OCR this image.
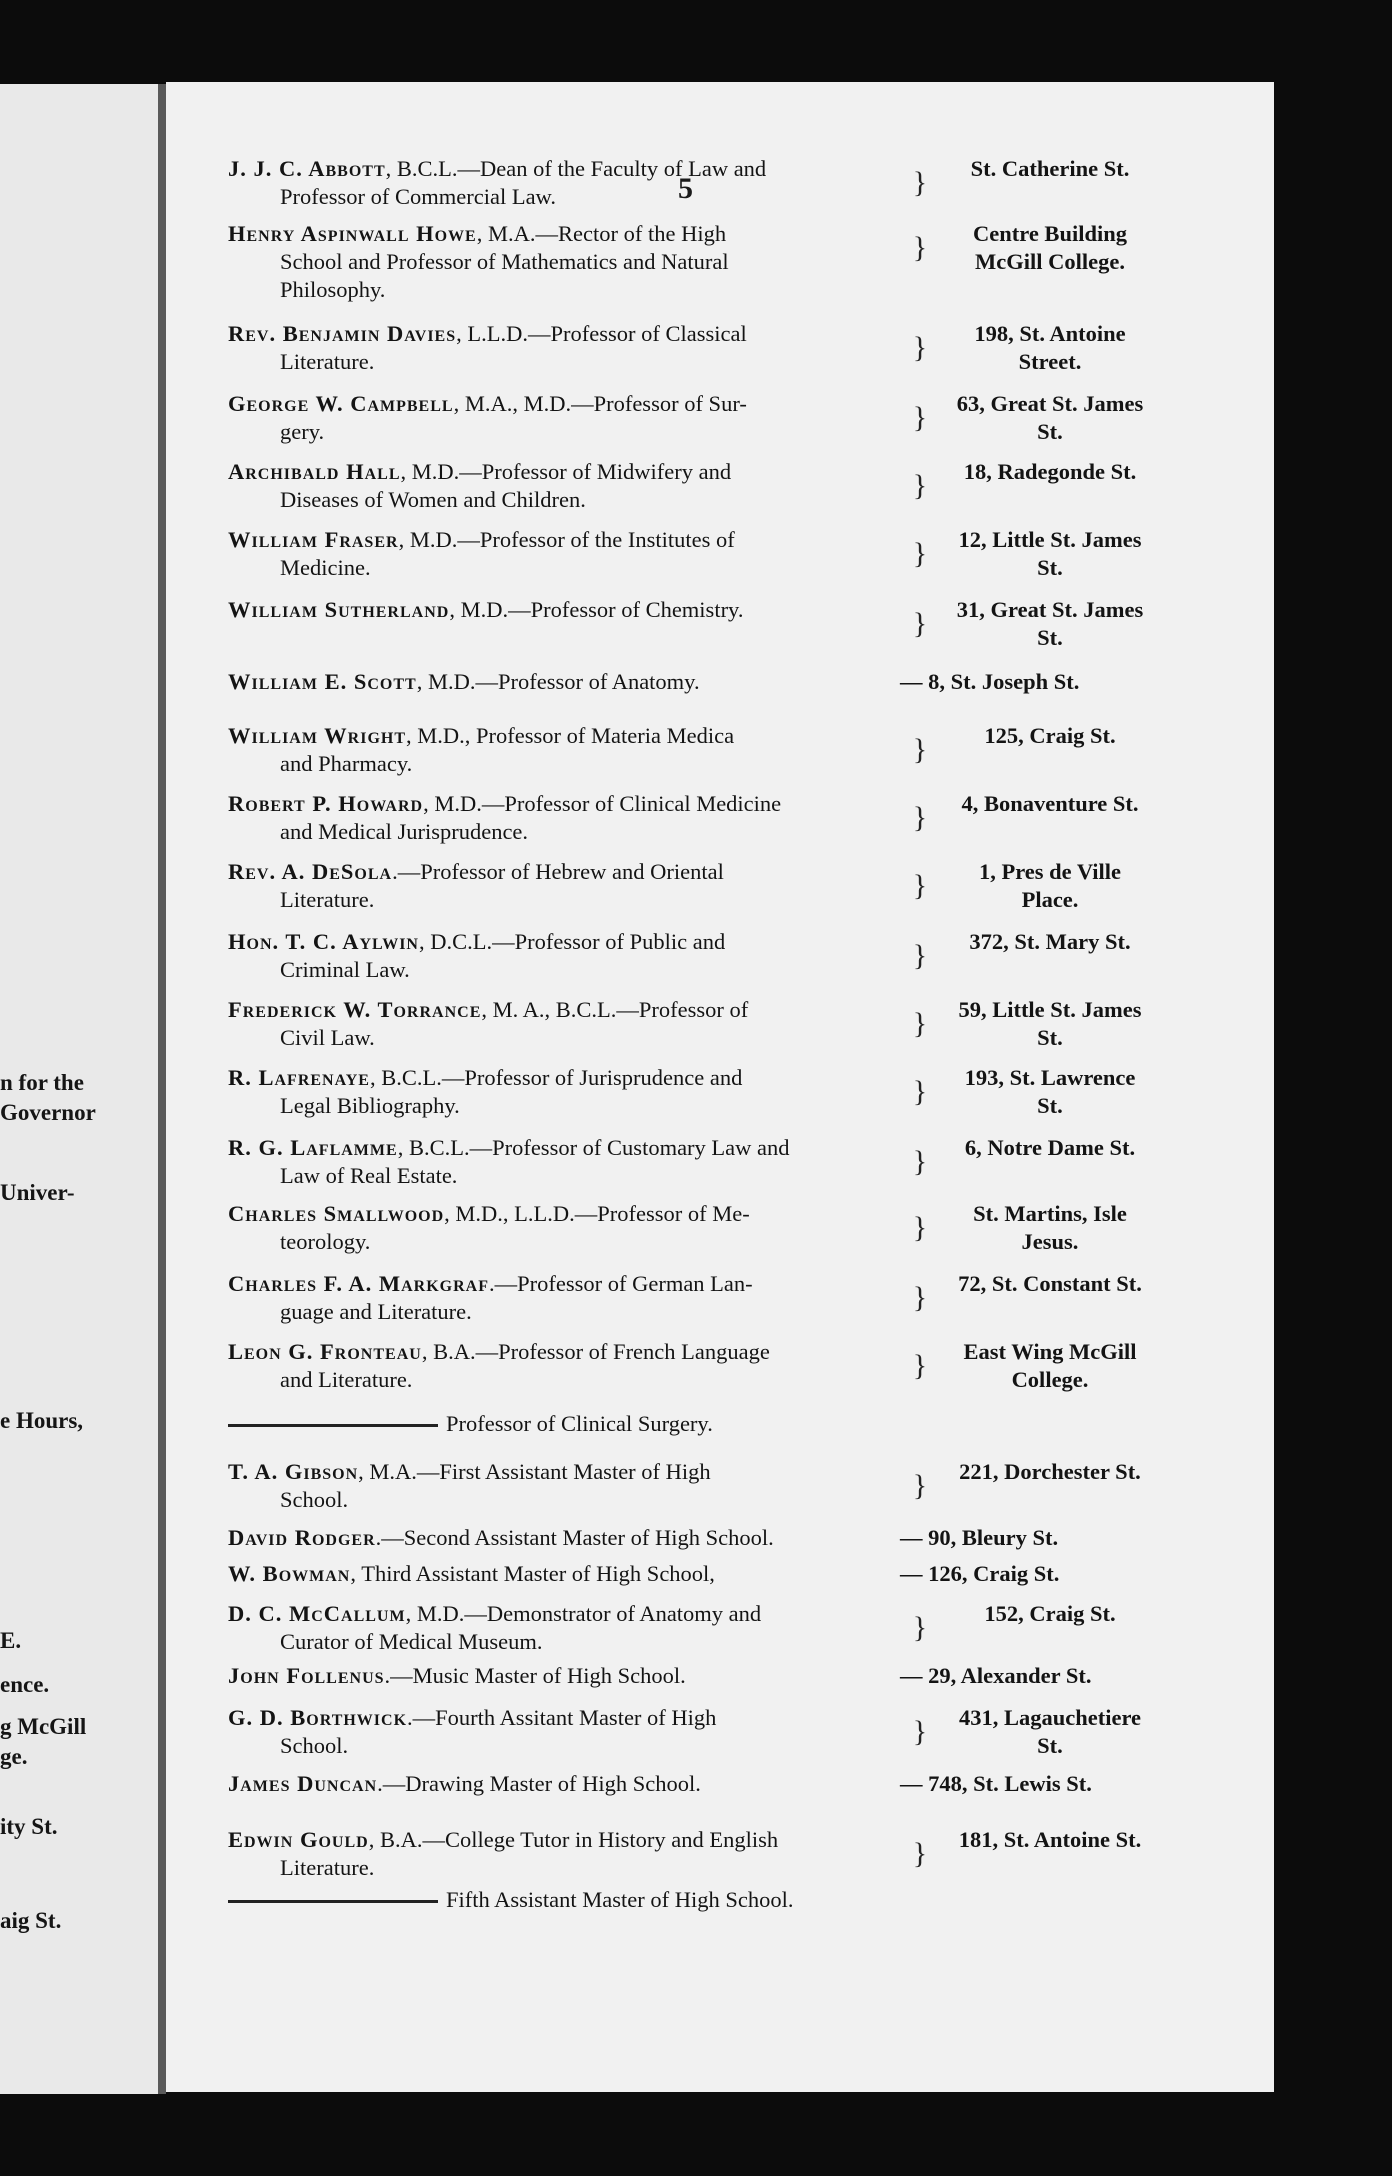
n for the
Governor
Univer-
e Hours,
E.
ence.
g McGill
ge.
ity St.
aig St.
5
J. J. C. Abbott, B.C.L.—Dean of the Faculty of Law and
Professor of Commercial Law.	}	St. Catherine St.
Henry Aspinwall Howe, M.A.—Rector of the High
School and Professor of Mathematics and Natural
Philosophy.
}	Centre Building
McGill College.
Rev. Benjamin Davies, L.L.D.—Professor of Classical
Literature.	}	198, St. Antoine
Street.
George W. Campbell, M.A., M.D.—Professor of Sur-
gery.	}	63, Great St. James
St.
Archibald Hall, M.D.—Professor of Midwifery and
Diseases of Women and Children.	}	18, Radegonde St.
William Fraser, M.D.—Professor of the Institutes of
Medicine.	}	12, Little St. James
St.
William Sutherland, M.D.—Professor of Chemistry.	}	31, Great St. James
St.
William E. Scott, M.D.—Professor of Anatomy.	— 8, St. Joseph St.
William Wright, M.D., Professor of Materia Medica
and Pharmacy.	}	125, Craig St.
Robert P. Howard, M.D.—Professor of Clinical Medicine
and Medical Jurisprudence.	}	4, Bonaventure St.
Rev. A. DeSola.—Professor of Hebrew and Oriental
Literature.	}	1, Pres de Ville
Place.
Hon. T. C. Aylwin, D.C.L.—Professor of Public and
Criminal Law.	}	372, St. Mary St.
Frederick W. Torrance, M. A., B.C.L.—Professor of
Civil Law.	}	59, Little St. James
St.
R. Lafrenaye, B.C.L.—Professor of Jurisprudence and
Legal Bibliography.	}	193, St. Lawrence
St.
R. G. Laflamme, B.C.L.—Professor of Customary Law and
Law of Real Estate.	}	6, Notre Dame St.
Charles Smallwood, M.D., L.L.D.—Professor of Me-
teorology.	}	St. Martins, Isle
Jesus.
Charles F. A. Markgraf.—Professor of German Lan-
guage and Literature.	}	72, St. Constant St.
Leon G. Fronteau, B.A.—Professor of French Language
and Literature.	}	East Wing McGill
College.
Professor of Clinical Surgery.
T. A. Gibson, M.A.—First Assistant Master of High
School.	}	221, Dorchester St.
David Rodger.—Second Assistant Master of High School.	— 90, Bleury St.
W. Bowman, Third Assistant Master of High School,	— 126, Craig St.
D. C. McCallum, M.D.—Demonstrator of Anatomy and
Curator of Medical Museum.	}	152, Craig St.
John Follenus.—Music Master of High School.	— 29, Alexander St.
G. D. Borthwick.—Fourth Assitant Master of High
School.	}	431, Lagauchetiere
St.
James Duncan.—Drawing Master of High School.	— 748, St. Lewis St.
Edwin Gould, B.A.—College Tutor in History and English
Literature.	}	181, St. Antoine St.
Fifth Assistant Master of High School.
